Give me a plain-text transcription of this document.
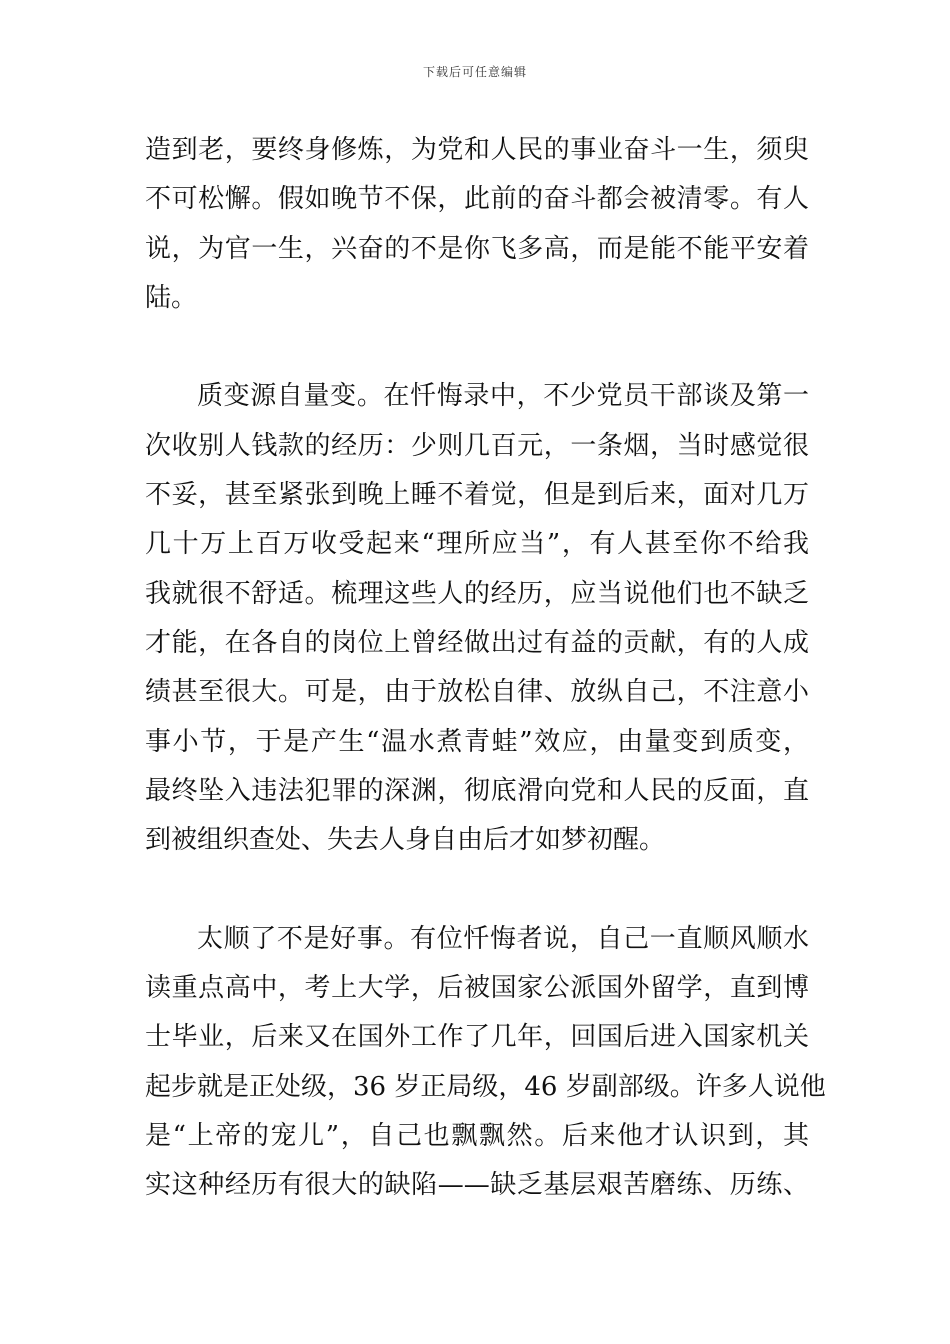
下载后可任意编辑
造到老，要终身修炼，为党和人民的事业奋斗一生，须臾
不可松懈。假如晚节不保，此前的奋斗都会被清零。有人
说，为官一生，兴奋的不是你飞多高，而是能不能平安着
陆。
质变源自量变。在忏悔录中，不少党员干部谈及第一
次收别人钱款的经历：少则几百元，一条烟，当时感觉很
不妥，甚至紧张到晚上睡不着觉，但是到后来，面对几万
几十万上百万收受起来“理所应当”，有人甚至你不给我
我就很不舒适。梳理这些人的经历，应当说他们也不缺乏
才能，在各自的岗位上曾经做出过有益的贡献，有的人成
绩甚至很大。可是，由于放松自律、放纵自己，不注意小
事小节，于是产生“温水煮青蛙”效应，由量变到质变，
最终坠入违法犯罪的深渊，彻底滑向党和人民的反面，直
到被组织查处、失去人身自由后才如梦初醒。
太顺了不是好事。有位忏悔者说，自己一直顺风顺水
读重点高中，考上大学，后被国家公派国外留学，直到博
士毕业，后来又在国外工作了几年，回国后进入国家机关
起步就是正处级，36 岁正局级，46 岁副部级。许多人说他
是“上帝的宠儿”，自己也飘飘然。后来他才认识到，其
实这种经历有很大的缺陷——缺乏基层艰苦磨练、历练、
